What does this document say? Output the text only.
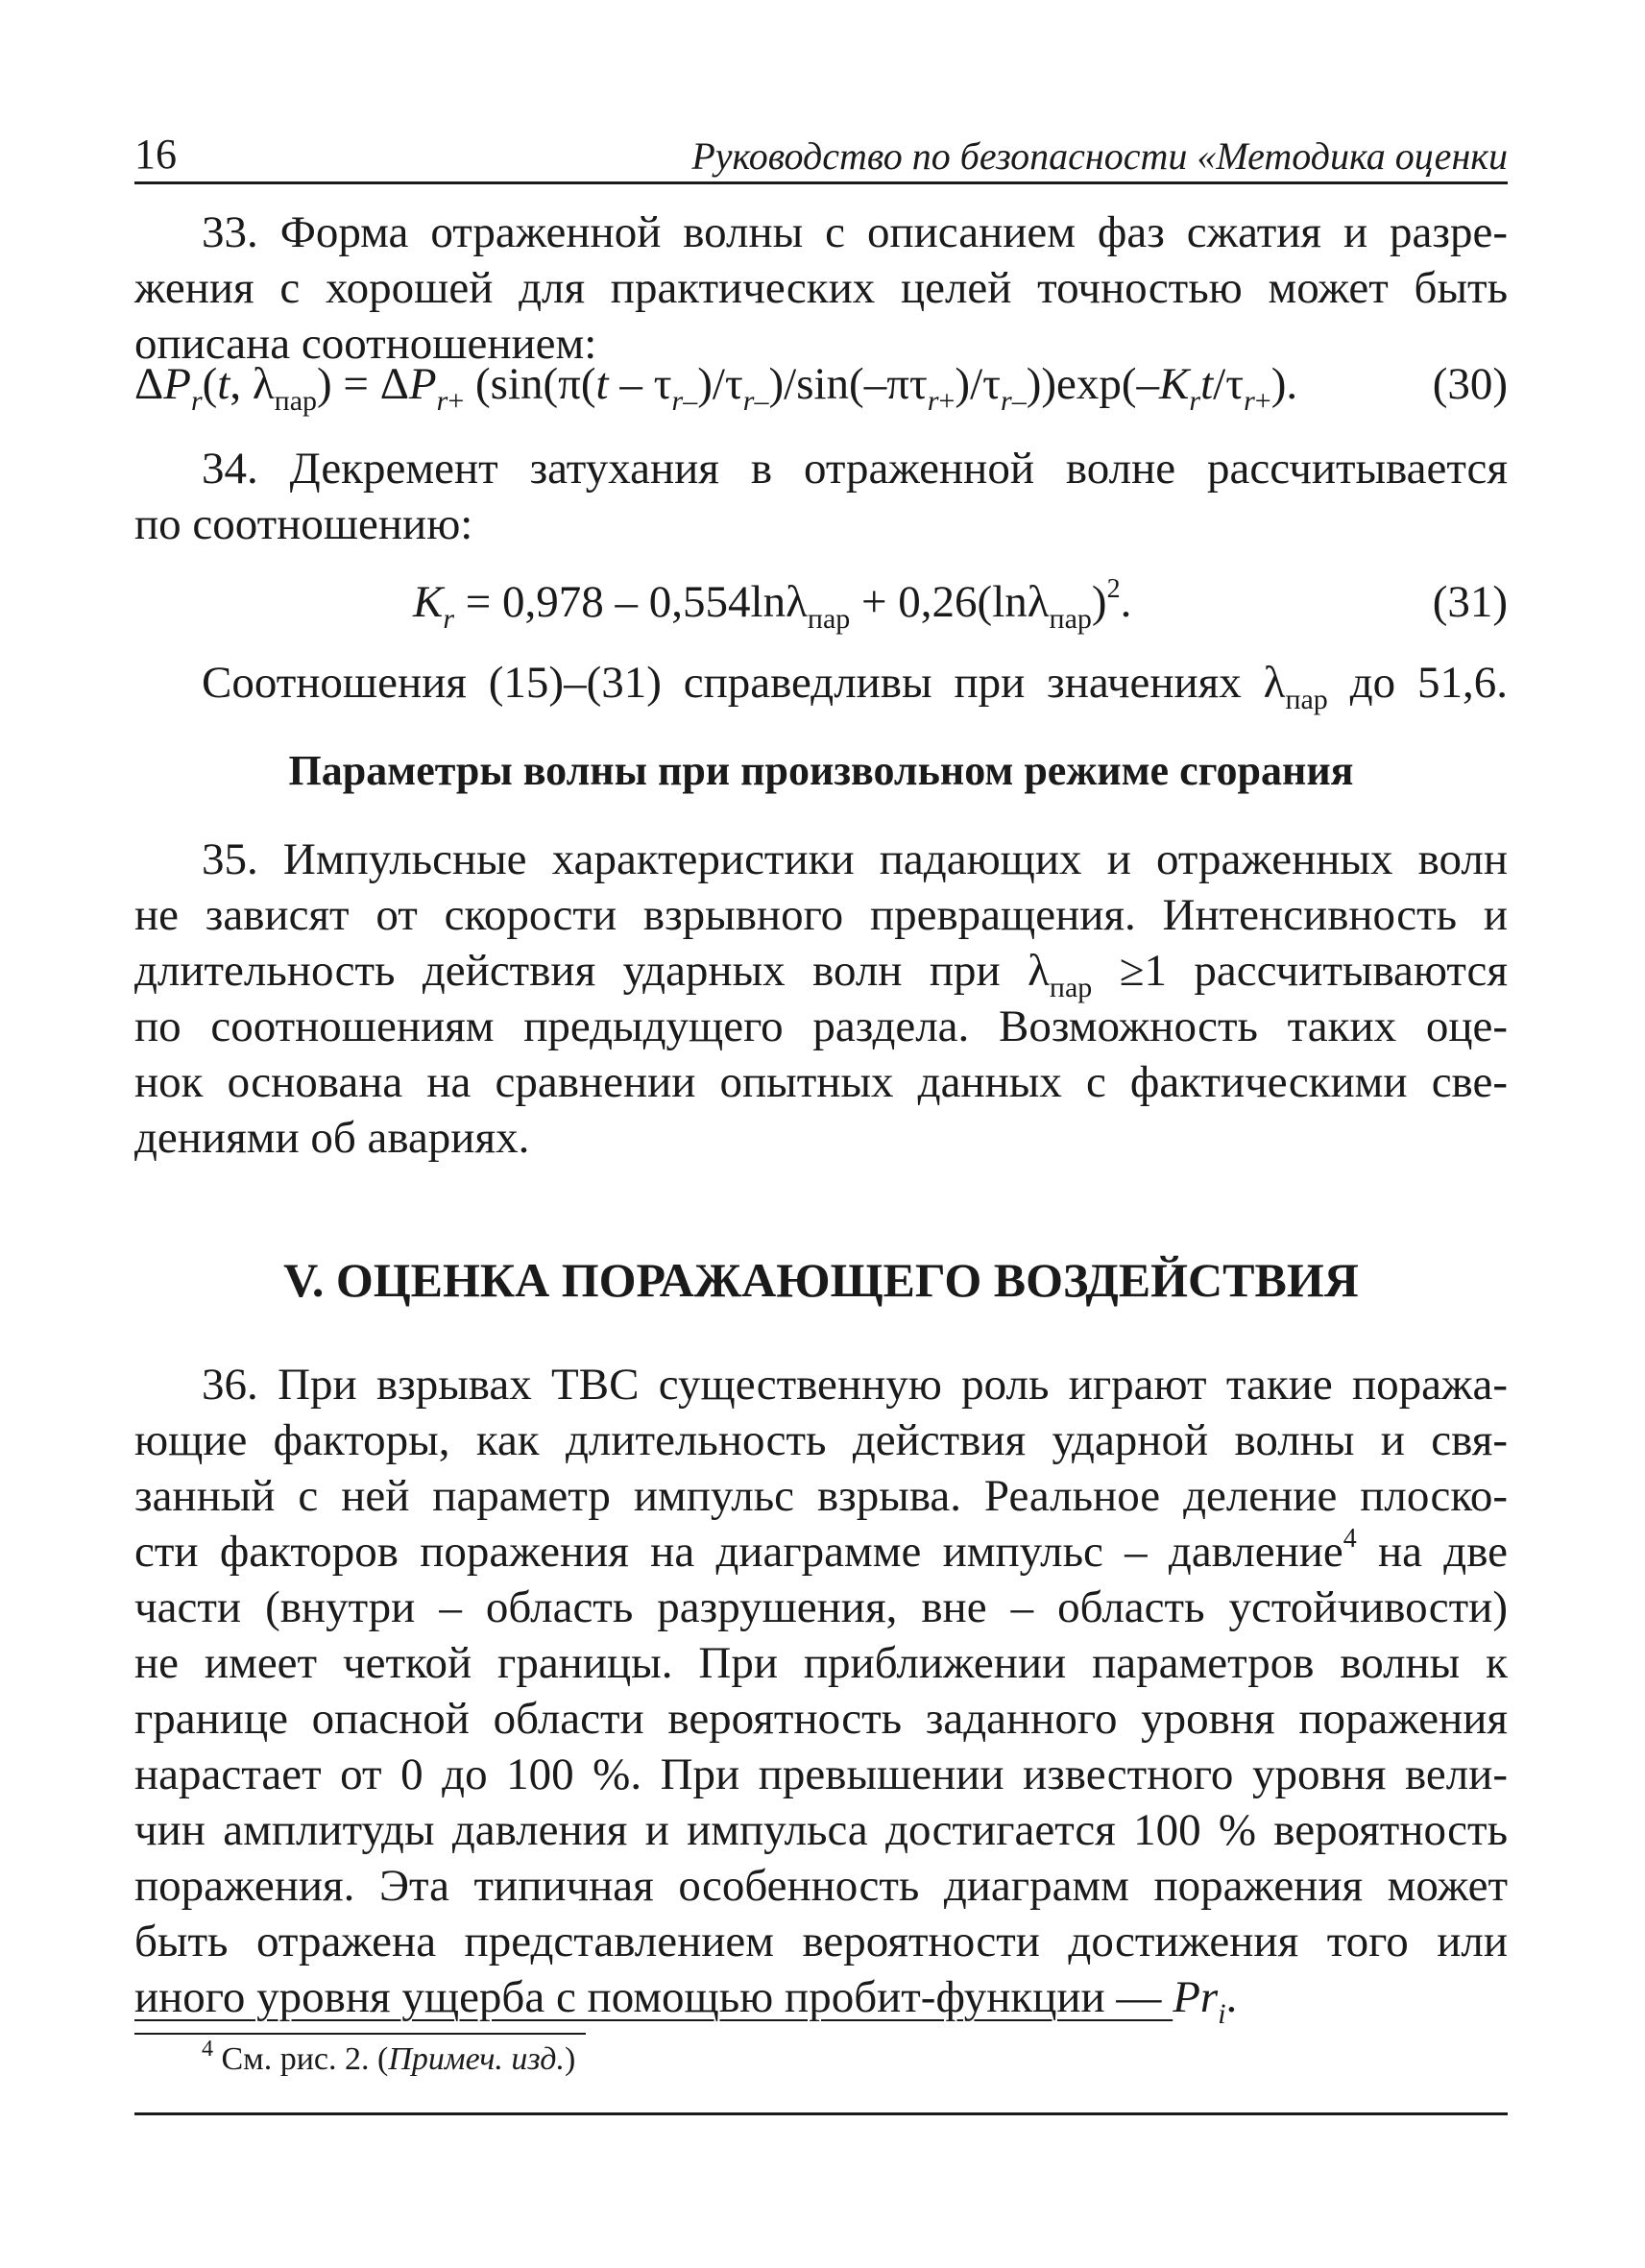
16	Руководство по безопасности «Методика оценки
33. Форма отраженной волны с описанием фаз сжатия и разре-
жения с хорошей для практических целей точностью может быть
описана соотношением:
$\Delta P_r(t$, $\lambda_{пар}) = \Delta P_{r+}$ $(\sin(\pi(t - \tau_{r-})/\tau_{r-})/\sin(-\pi\tau_{r+})/\tau_{r-}))\exp(-K_rt/\tau_{r+})$.	(30)
34. Декремент затухания в отраженной волне рассчитывается
по соотношению:
$K_r = 0,978 - 0,554\ln\lambda_{пар} + 0,26(\ln\lambda_{пар})^2$.	(31)
Соотношения (15)–(31) справедливы при значениях $\lambda_{пар}$ до 51,6.
Параметры волны при произвольном режиме сгорания
35. Импульсные характеристики падающих и отраженных волн
не зависят от скорости взрывного превращения. Интенсивность и
длительность действия ударных волн при $\lambda_{пар} \ge 1$ рассчитываются
по соотношениям предыдущего раздела. Возможность таких оце-
нок основана на сравнении опытных данных с фактическими све-
дениями об авариях.
V. ОЦЕНКА ПОРАЖАЮЩЕГО ВОЗДЕЙСТВИЯ
36. При взрывах ТВС существенную роль играют такие поража-
ющие факторы, как длительность действия ударной волны и свя-
занный с ней параметр импульс взрыва. Реальное деление плоско-
сти факторов поражения на диаграмме импульс – давление$^4$ на две
части (внутри – область разрушения, вне – область устойчивости)
не имеет четкой границы. При приближении параметров волны к
границе опасной области вероятность заданного уровня поражения
нарастает от 0 до 100 %. При превышении известного уровня вели-
чин амплитуды давления и импульса достигается 100 % вероятность
поражения. Эта типичная особенность диаграмм поражения может
быть отражена представлением вероятности достижения того или
иного уровня ущерба с помощью пробит-функции — $Pr_i$.
$^4$ См. рис. 2. (Примеч. изд.)
